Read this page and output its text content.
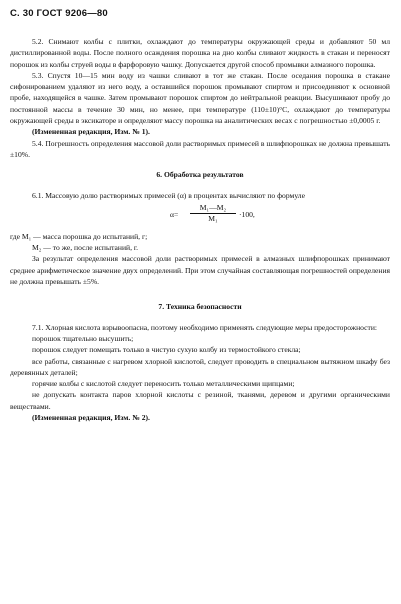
С. 30 ГОСТ 9206—80

5.2. Снимают колбы с плитки, охлаждают до температуры окружающей среды и добавляют 50 мл дистиллированной воды. После полного осаждения порошка на дно колбы сливают жидкость в стакан и переносят порошок из колбы струей воды в фарфоровую чашку. Допускается другой способ промывки алмазного порошка.

5.3. Спустя 10—15 мин воду из чашки сливают в тот же стакан. После оседания порошка в стакане сифонированием удаляют из него воду, а оставшийся порошок промывают спиртом и присоединяют к основной пробе, находящейся в чашке. Затем промывают порошок спиртом до нейтральной реакции. Высушивают пробу до постоянной массы в течение 30 мин, но менее, при температуре (110±10)°С, охлаждают до температуры окружающей среды в эксикаторе и определяют массу порошка на аналитических весах с погрешностью ±0,0005 г.

(Измененная редакция, Изм. № 1).

5.4. Погрешность определения массовой доли растворимых примесей в шлифпорошках не должна превышать ±10%.

6. Обработка результатов

6.1. Массовую долю растворимых примесей (α) в процентах вычисляют по формуле

$\alpha= \frac{\text{M₁—M₂}}{\text{M₁}} \cdot 100$,

где M₁ — масса порошка до испытаний, г;

M₂ — то же, после испытаний, г.

За результат определения массовой доли растворимых примесей в алмазных шлифпорошках принимают среднее арифметическое значение двух определений. При этом случайная составляющая погрешностей определения не должна превышать ±5%.

7. Техника безопасности

7.1. Хлорная кислота взрывоопасна, поэтому необходимо применять следующие меры предосторожности:

порошок тщательно высушить;

порошок следует помещать только в чистую сухую колбу из термостойкого стекла;

все работы, связанные с нагревом хлорной кислотой, следует проводить в специальном вытяжном шкафу без деревянных деталей;

горячие колбы с кислотой следует переносить только металлическими щипцами;

не допускать контакта паров хлорной кислоты с резиной, тканями, деревом и другими органическими веществами.

(Измененная редакция, Изм. № 2).
